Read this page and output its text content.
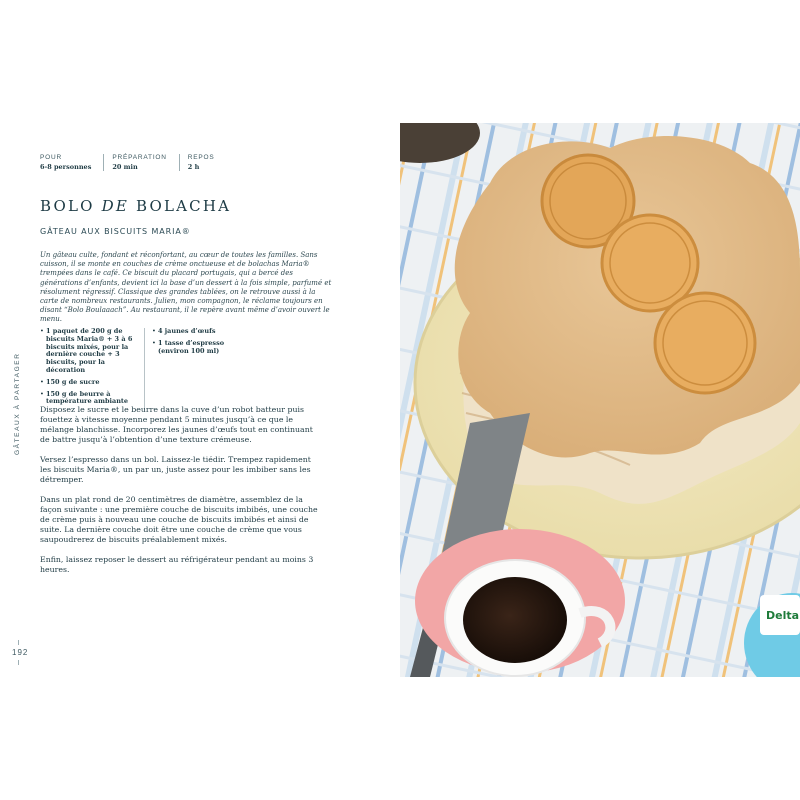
POUR
6-8 personnes
PRÉPARATION
20 min
REPOS
2 h
BOLO DE BOLACHA
GÂTEAU AUX BISCUITS MARIA®
Un gâteau culte, fondant et réconfortant, au cœur de toutes les familles. Sans cuisson, il se monte en couches de crème onctueuse et de bolachas Maria® trempées dans le café. Ce biscuit du placard portugais, qui a bercé des générations d’enfants, devient ici la base d’un dessert à la fois simple, parfumé et résolument régressif. Classique des grandes tablées, on le retrouve aussi à la carte de nombreux restaurants. Julien, mon compagnon, le réclame toujours en disant “Bolo Boulaaach”. Au restaurant, il le repère avant même d’avoir ouvert le menu.
• 1 paquet de 200 g de biscuits Maria® + 3 à 6 biscuits mixés, pour la dernière couche + 3 biscuits, pour la décoration
• 150 g de sucre
• 150 g de beurre à température ambiante
• 4 jaunes d’œufs
• 1 tasse d’espresso (environ 100 ml)

Disposez le sucre et le beurre dans la cuve d’un robot batteur puis fouettez à vitesse moyenne pendant 5 minutes jusqu’à ce que le mélange blanchisse. Incorporez les jaunes d’œufs tout en continuant de battre jusqu’à l’obtention d’une texture crémeuse.

Versez l’espresso dans un bol. Laissez-le tiédir. Trempez rapidement les biscuits Maria®, un par un, juste assez pour les imbiber sans les détremper.

Dans un plat rond de 20 centimètres de diamètre, assemblez de la façon suivante : une première couche de biscuits imbibés, une couche de crème puis à nouveau une couche de biscuits imbibés et ainsi de suite. La dernière couche doit être une couche de crème que vous saupoudrerez de biscuits préalablement mixés.

Enfin, laissez reposer le dessert au réfrigérateur pendant au moins 3 heures.

GÂTEAUX À PARTAGER
192
Delta
